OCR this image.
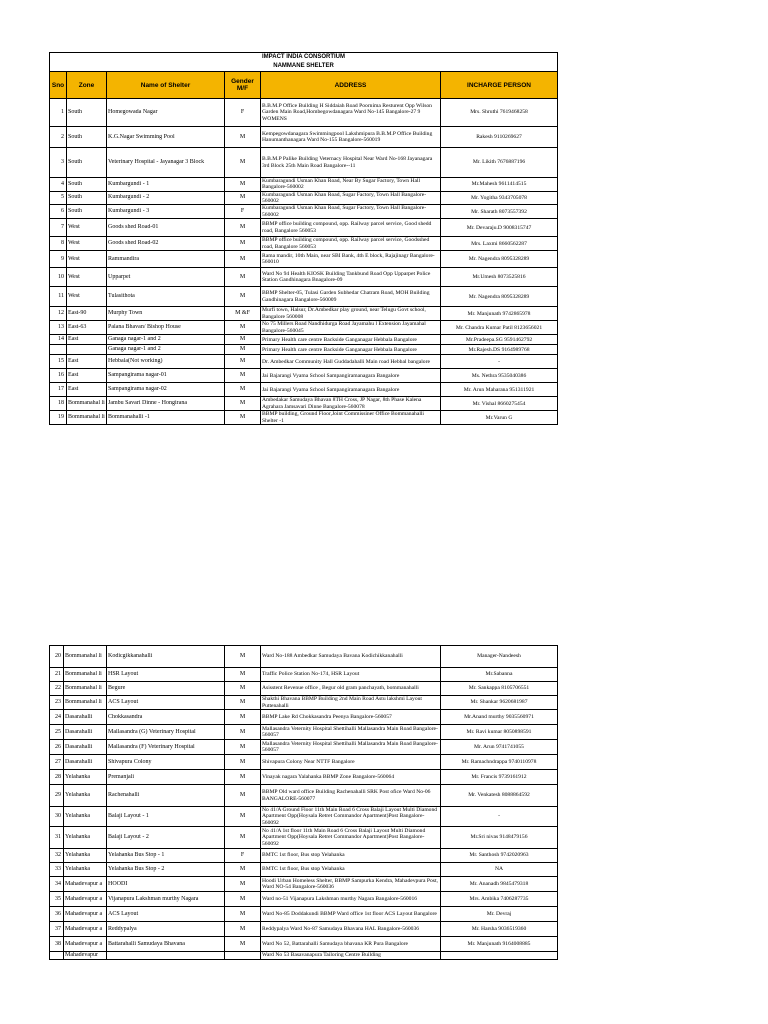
IMPACT INDIA CONSORTIUM					
NAMMANE SHELTER					
Sno	Zone	Name of Shelter	Gender M/F	ADDRESS	INCHARGE PERSON

1	South	Homegowada Nagar	F	B.B.M.P Office Building H Siddaiah Road Poornima Resturent Opp Wilson Garden Main Road,Hombegowdanagara Ward No-145 Bangalore-27 9 WOMENS	Mrs. Shruthi 7619468258

2	South	K.G.Nagar Swimming Pool	M	Kempegowdanagara Swimmingpool Lakshmipura B.B.M.P Office Building Hanumanthanagara Ward No-155 Bangalore-560019	Rakesh 9110269627

3	South	Veterinary Hospital - Jayanagar 3 Block	M	B.B.M.P Palike Building Veternacy Hospital Near Ward No-168 Jayanagara 3rd Block 25th Main Road Bangalore--11	Mr. Likith 7676887196

4	South	Kumbargundi - 1	M	Kumbaragundi Usman Khan Road, Near By Sugar Factory, Town Hall Bangalore-560002	Mr.Mahesh 9611414515

5	South	Kumbargundi - 2	M	Kumbaragundi Usman Khan Road, Sugar Factory, Town Hall Bangalore-560002	Mr. Yogitha 9343705078

6	South	Kumbargundi - 3	F	Kumbaragundi Usman Khan Road, Sugar Factory, Town Hall Bangalore-560002	Mr. Sharath 8073557392

7	West	Goods shed Road-01	M	BBMP office building compound, opp. Railway parcel service, Good shedd road, Bangalore 560053	Mr. Devaraju.D 9008315747

8	West	Goods shed Road-02	M	BBMP office building compound, opp. Railway parcel service, Goodsshed road, Bangalore 560053	Mrs. Laxmi 8660562287

9	West	Rammandira	M	Rama mandir, 10th Main, near SBI Bank, 4th E block, Rajajinagr Bangalore-560010	Mr. Nagendra 8095328289

10	West	Upparpet	M	Ward No 94 Health KIOSK Building Tankbund Road Opp Upparpet Police Station Gandhinagara Bnagalore-09	Mr.Umesh 8073525816

11	West	Tulasithota	M	BBMP Shelter-05, Tulasi Garden Subhedar Chatram Road, MOH Building Gandhinagara Bangalore-560009	Mr. Nagendra 8095328289

12	East-90	Murphy Town	M &F	Murfi town, Halsur, Dr.Ambedkar play ground, near Telugu Govt school, Bangalore 560008	Mr. Manjunath 9742865978

13	East-63	Palana Bhavan/ Bishop House	M	No 75 Millers Road Nandhidurga Road Jayamahu l Extension Jayamahal Bangalore-560045	Mr. Chandra Kumar Patil 8123656021

14	East	Ganaga nagar-1 and 2	M	Primary Health care centre Backside Ganganagar Hebbala Bangalore	Mr.Pradeepa.SG 9591462792

		Ganaga nagar-1 and 2	M	Primary Health care centre Backside Ganganagar Hebbala Bangalore	Mr.Rajesh.DS 9164989768

15	East	Hebbala(Not working)	M	Dr. Ambedkar Community Hall Guddadahalli Main road Hebbal bangalore	-

16	East	Sampangirama nagar-01	M	Jai Bajarangi Vyama School Sampangiramanagara Bangalore	Ms. Nethra 9535040386

17	East	Sampangirama nagar-02	M	Jai Bajarangi Vyama School Sampangiramanagara Bangalore	Mr. Arun Maharana 951311921

18	Bommanahal li	Jambu Savari Dinne - Hongirana	M	Ambedakar Samudaya Bhavan 8TH Cross, JP Nagar, 8th Phase Kalena Agrahara Jamsavari Dinne Bangalore-560078	Mr. Vishal 8660275454

19	Bommanahal li	Bommanahalli -1	M	BBMP building, Ground Floor,Joint Commissiner Office Bommanahalli Shelter -1	Mr.Varun G
20	Bommanahal li	Kodicgikkanahalli	M	Ward No-188 Ambedkar Samudaya Bavana Kodichikkanahalli	Manager-Nandeesh

21	Bommanahal li	HSR Layout	M	Traffic Police Station No-174, HSR Layout	Mr.Sabanna

22	Bommanahal li	Begure	M	Asisstent Revenue office , Begur old gram panchayath, bommanahalli	Mr. Sankappa 8105706551

23	Bommanahal li	ACS Layout	M	Shakthi Bhavana BBMP Building 2nd Main Road Astu lakshmi Layout Puttenahalli	Mr. Shankar 9620681987

24	Dasarahalli	Chokkasandra	M	BBMP Lake Rd Chokkasandra Peenya Bangalore-560057	Mr.Anand murthy 9035560971

25	Dasarahalli	Mallasandra (G) Veterinary Hospital	M	Mallasandra Veternity Hospital Shettihalli Mallasandra Main Road Bangalore-560057	Mr. Ravi kumar 8050898591

26	Dasarahalli	Mallasandra (F) Veterinary Hospital	M	Mallasandra Veternity Hospital Shettihalli Mallasandra Main Road Bangalore-560057	Mr. Arun 9741741055

27	Dasarahalli	Shivapura Colony	M	Shivapura Colony Near NTTF Bangalore	Mr. Ramachndrappa 9740110978

28	Yelahanka	Premanjali	M	Vinayak nagara Yalahanka BBMP Zone Bangalore-560064	Mr. Francis 9739161912

29	Yelahanka	Rachenahalli	M	BBMP Old ward office Building Rachenahalli SRK Post ofice Ward No-06 BANGALORE-560077	Mr. Venkatesh 8088864592

30	Yelahanka	Balaji Layout - 1	M	No 41/A Ground Floor 11th Main Road 6 Cross Balaji Layout Multi Diamond Apartment Opp(Hoysala Retret Commandor Apartment)Post Bangalore-560092	-

31	Yelahanka	Balaji Layout - 2	M	No 41/A 1st floor 11th Main Road 6 Cross Balaji Layout Multi Diamond Apartment Opp(Hoysala Retret Commandor Apartment)Post Bangalore-560092	Mr.Sri nivas 9148479156

32	Yelahanka	Yelahanka Bus Stop - 1	F	BMTC 1st floor, Bus stop Yelahanka	Mr. Santhosh 9742020963

33	Yelahanka	Yelahanka Bus Stop - 2	M	BMTC 1st floor, Bus stop Yelahanka	NA

34	Mahadevapur a	HOODI	M	Hoodi Urban Homeless Shelter, BBMP Sampurka Kendra, Mahadevpura Post, Ward NO-54 Bangalore-560036	Mr. Ananadh 9845479318

35	Mahadevapur a	Vijanapura Lakshman murthy Nagara	M	Ward no-51 Vijanapura Lakshman murthy Nagara Bangalore-560016	Mrs. Ambika 7406287735

36	Mahadevapur a	ACS Layout	M	Ward No-85 Doddakundi BBMP Ward office 1st floor ACS Layout Bangalore	Mr. Devraj

37	Mahadevapur a	Reddypalya	M	Reddypalya Ward No-87 Samudaya Bhavana HAL Bangalore-560036	Mr. Harsha 9036519360

38	Mahadevapur a	Battarahalli Samudaya Bhavana	M	Ward No 52, Battarahalli Samudaya bhavana KR Pura Bangalore	Mr. Manjunath 9164008885

	Mahadevapur			Ward No 53 Basavanapura Tailoring Centre Building	
